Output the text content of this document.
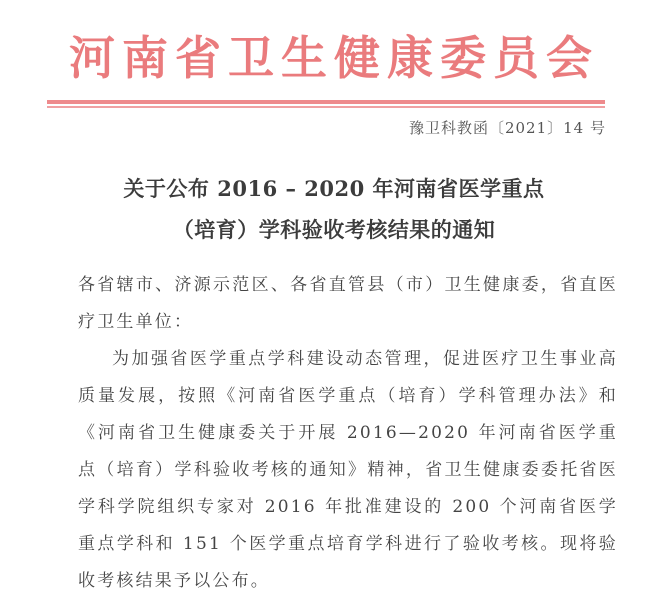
河南省卫生健康委员会
豫卫科教函〔2021〕14 号
关于公布 2016 – 2020 年河南省医学重点
（培育）学科验收考核结果的通知

各省辖市、济源示范区、各省直管县（市）卫生健康委，省直医疗卫生单位：

为加强省医学重点学科建设动态管理，促进医疗卫生事业高质量发展，按照《河南省医学重点（培育）学科管理办法》和《河南省卫生健康委关于开展 2016—2020 年河南省医学重点（培育）学科验收考核的通知》精神，省卫生健康委委托省医学科学院组织专家对 2016 年批准建设的 200 个河南省医学重点学科和 151 个医学重点培育学科进行了验收考核。现将验收考核结果予以公布。
